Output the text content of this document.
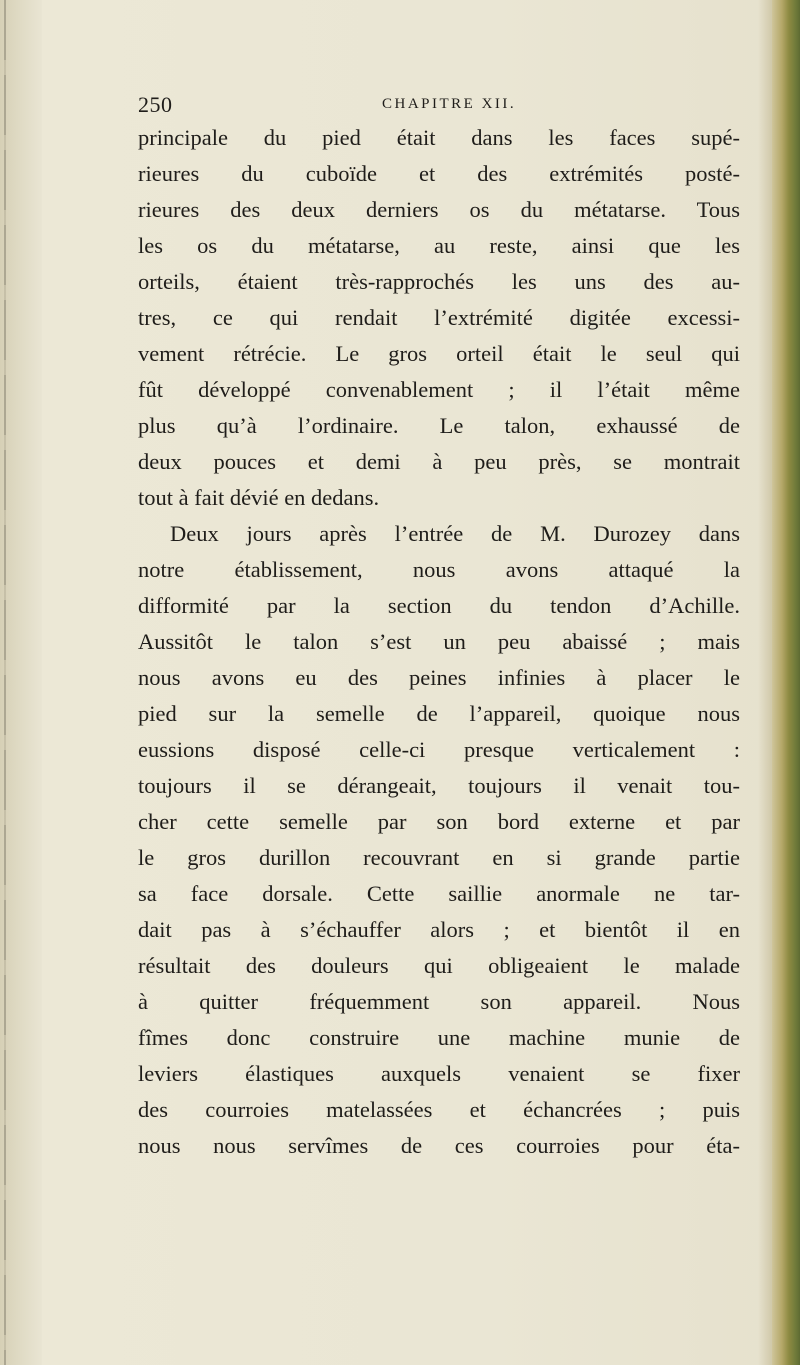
250	CHAPITRE XII.
principale du pied était dans les faces supé-
rieures du cuboïde et des extrémités posté-
rieures des deux derniers os du métatarse. Tous
les os du métatarse, au reste, ainsi que les
orteils, étaient très-rapprochés les uns des au-
tres, ce qui rendait l’extrémité digitée excessi-
vement rétrécie. Le gros orteil était le seul qui
fût développé convenablement ; il l’était même
plus qu’à l’ordinaire. Le talon, exhaussé de
deux pouces et demi à peu près, se montrait
tout à fait dévié en dedans.
Deux jours après l’entrée de M. Durozey dans
notre établissement, nous avons attaqué la
difformité par la section du tendon d’Achille.
Aussitôt le talon s’est un peu abaissé ; mais
nous avons eu des peines infinies à placer le
pied sur la semelle de l’appareil, quoique nous
eussions disposé celle-ci presque verticalement :
toujours il se dérangeait, toujours il venait tou-
cher cette semelle par son bord externe et par
le gros durillon recouvrant en si grande partie
sa face dorsale. Cette saillie anormale ne tar-
dait pas à s’échauffer alors ; et bientôt il en
résultait des douleurs qui obligeaient le malade
à quitter fréquemment son appareil. Nous
fîmes donc construire une machine munie de
leviers élastiques auxquels venaient se fixer
des courroies matelassées et échancrées ; puis
nous nous servîmes de ces courroies pour éta-
